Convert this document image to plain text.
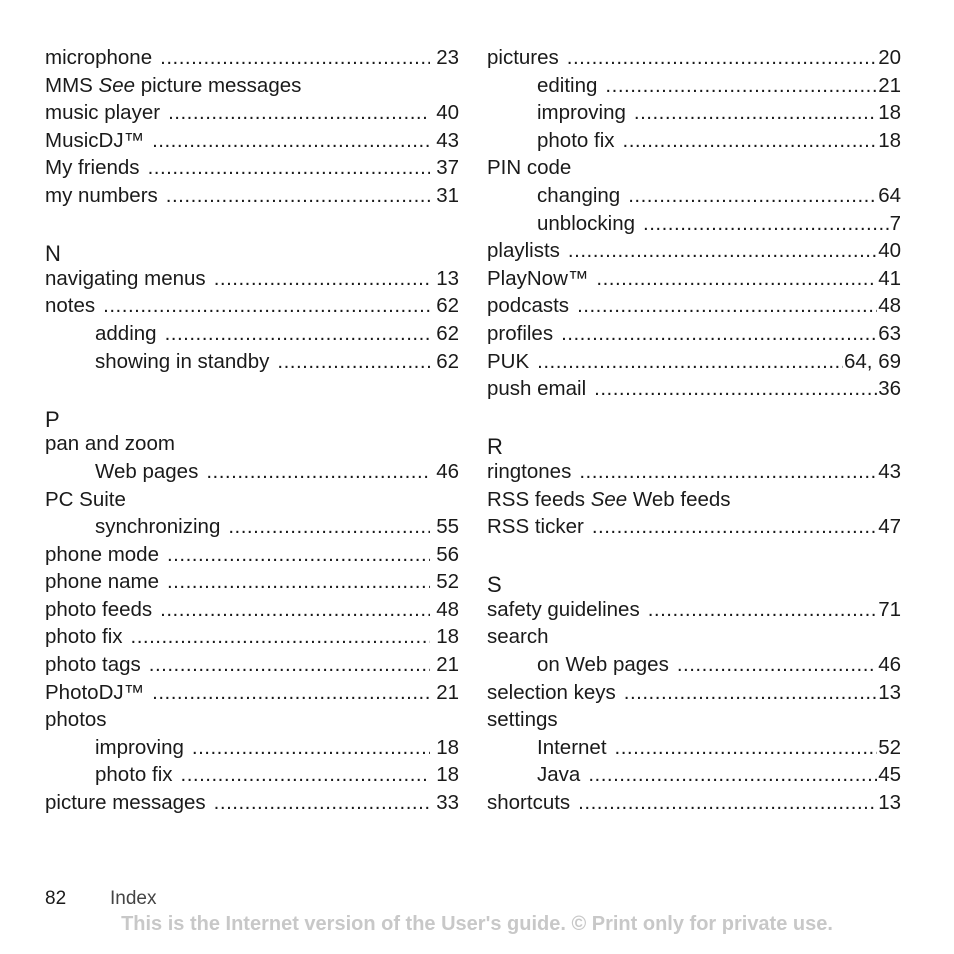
microphone .....	23
MMS See picture messages
music player .....	40
MusicDJ™ .....	43
My friends .....	37
my numbers .....	31
N
navigating menus .....	13
notes .....	62
adding .....	62
showing in standby .....	62
P
pan and zoom
Web pages .....	46
PC Suite
synchronizing .....	55
phone mode .....	56
phone name .....	52
photo feeds .....	48
photo fix .....	18
photo tags .....	21
PhotoDJ™ .....	21
photos
improving .....	18
photo fix .....	18
picture messages .....	33
pictures .....	20
editing .....	21
improving .....	18
photo fix .....	18
PIN code
changing .....	64
unblocking .....	7
playlists .....	40
PlayNow™ .....	41
podcasts .....	48
profiles .....	63
PUK .....	64, 69
push email .....	36
R
ringtones .....	43
RSS feeds See Web feeds
RSS ticker .....	47
S
safety guidelines .....	71
search
on Web pages .....	46
selection keys .....	13
settings
Internet .....	52
Java .....	45
shortcuts .....	13
82 Index
This is the Internet version of the User's guide. © Print only for private use.
